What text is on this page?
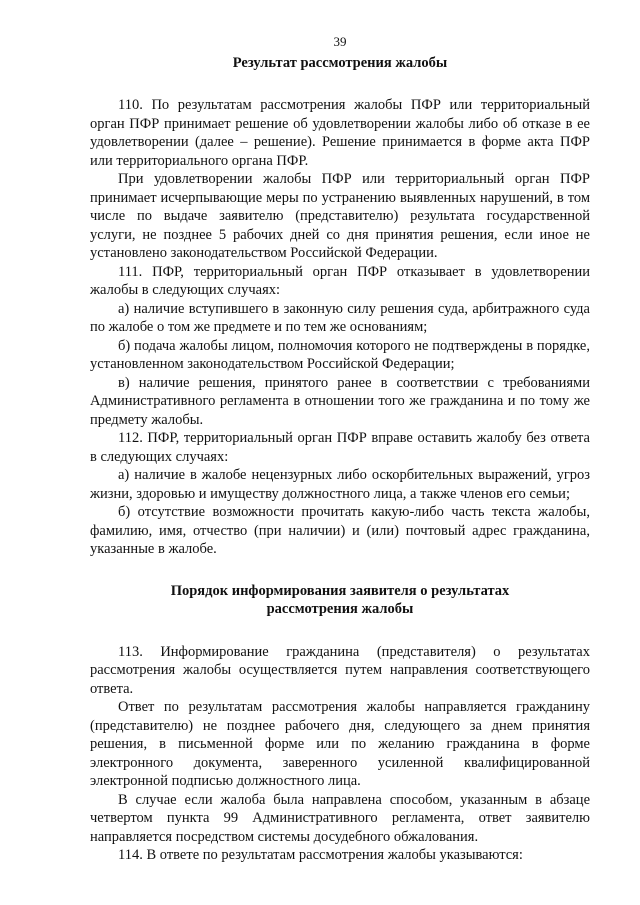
39
Результат рассмотрения жалобы

110. По результатам рассмотрения жалобы ПФР или территориальный орган ПФР принимает решение об удовлетворении жалобы либо об отказе в ее удовлетворении (далее – решение). Решение принимается в форме акта ПФР или территориального органа ПФР.

При удовлетворении жалобы ПФР или территориальный орган ПФР принимает исчерпывающие меры по устранению выявленных нарушений, в том числе по выдаче заявителю (представителю) результата государственной услуги, не позднее 5 рабочих дней со дня принятия решения, если иное не установлено законодательством Российской Федерации.

111. ПФР, территориальный орган ПФР отказывает в удовлетворении жалобы в следующих случаях:

а) наличие вступившего в законную силу решения суда, арбитражного суда по жалобе о том же предмете и по тем же основаниям;

б) подача жалобы лицом, полномочия которого не подтверждены в порядке, установленном законодательством Российской Федерации;

в) наличие решения, принятого ранее в соответствии с требованиями Административного регламента в отношении того же гражданина и по тому же предмету жалобы.

112. ПФР, территориальный орган ПФР вправе оставить жалобу без ответа в следующих случаях:

а) наличие в жалобе нецензурных либо оскорбительных выражений, угроз жизни, здоровью и имуществу должностного лица, а также членов его семьи;

б) отсутствие возможности прочитать какую-либо часть текста жалобы, фамилию, имя, отчество (при наличии) и (или) почтовый адрес гражданина, указанные в жалобе.

Порядок информирования заявителя о результатах
рассмотрения жалобы

113. Информирование гражданина (представителя) о результатах рассмотрения жалобы осуществляется путем направления соответствующего ответа.

Ответ по результатам рассмотрения жалобы направляется гражданину (представителю) не позднее рабочего дня, следующего за днем принятия решения, в письменной форме или по желанию гражданина в форме электронного документа, заверенного усиленной квалифицированной электронной подписью должностного лица.

В случае если жалоба была направлена способом, указанным в абзаце четвертом пункта 99 Административного регламента, ответ заявителю направляется посредством системы досудебного обжалования.

114. В ответе по результатам рассмотрения жалобы указываются:
